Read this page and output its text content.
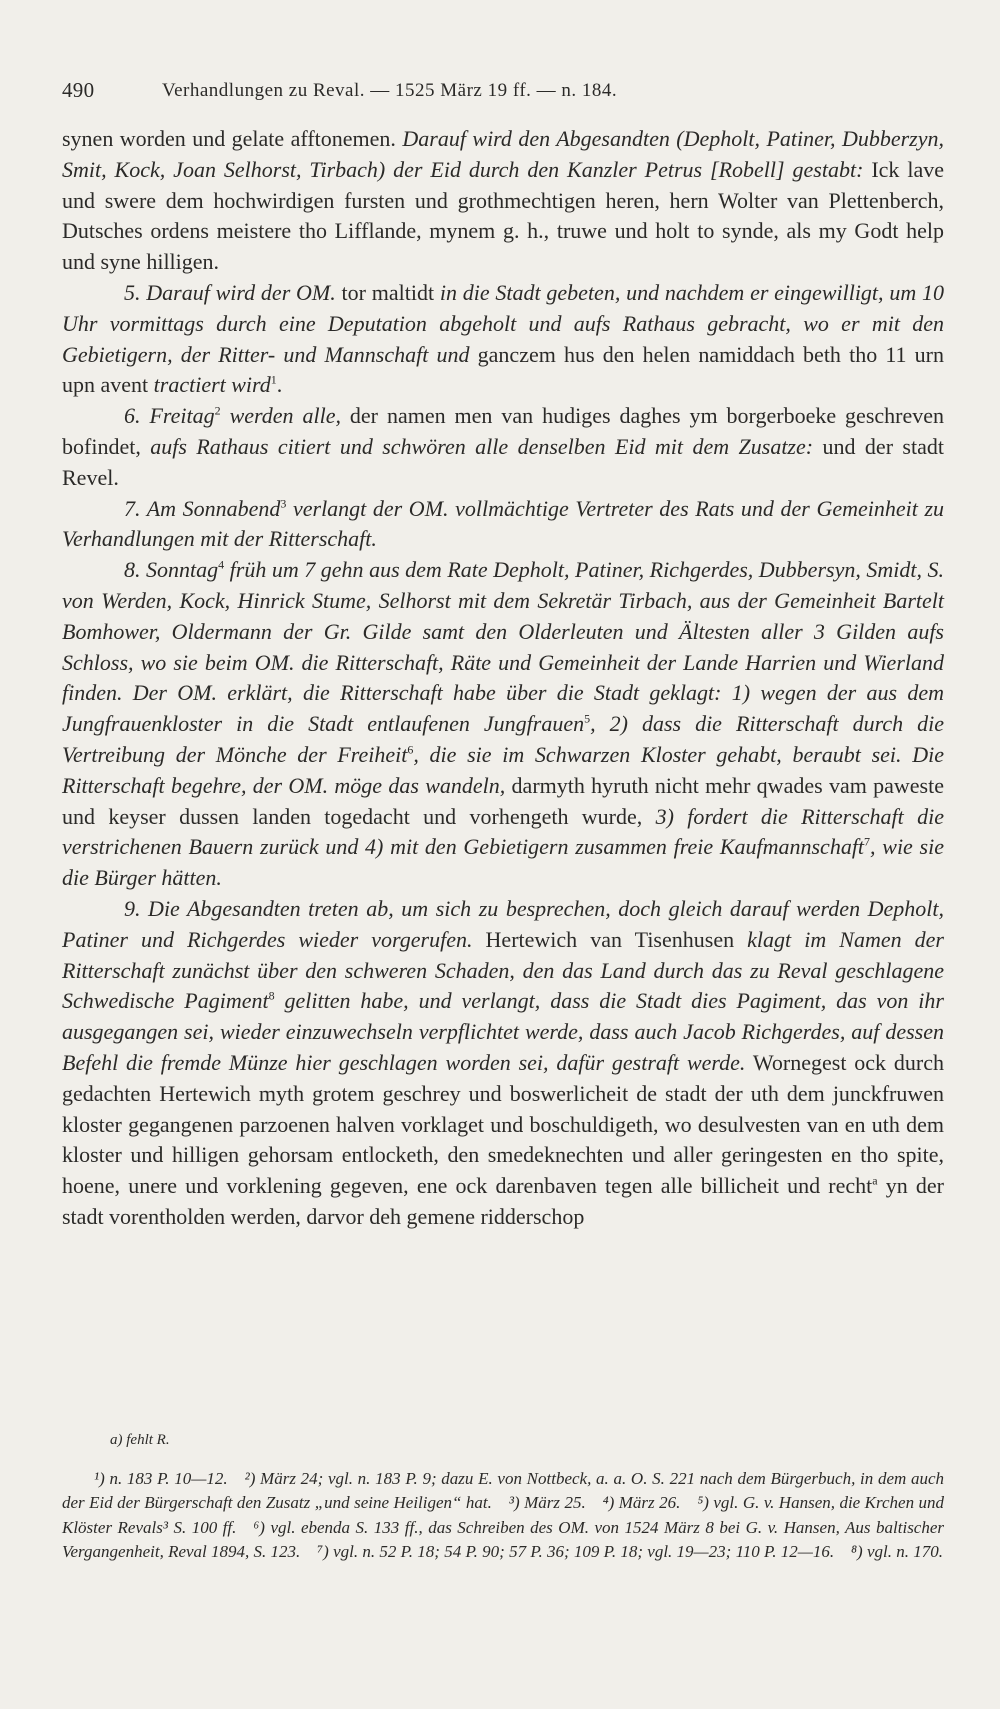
490	Verhandlungen zu Reval. — 1525 März 19 ff. — n. 184.

synen worden und gelate afftonemen. Darauf wird den Abgesandten (Depholt, Patiner, Dubberzyn, Smit, Kock, Joan Selhorst, Tirbach) der Eid durch den Kanzler Petrus [Robell] gestabt: Ick lave und swere dem hochwirdigen fursten und grothmechtigen heren, hern Wolter van Plettenberch, Dutsches ordens meistere tho Lifflande, mynem g. h., truwe und holt to synde, als my Godt help und syne hilligen.

5. Darauf wird der OM. tor maltidt in die Stadt gebeten, und nachdem er eingewilligt, um 10 Uhr vormittags durch eine Deputation abgeholt und aufs Rathaus gebracht, wo er mit den Gebietigern, der Ritter- und Mannschaft und ganczem hus den helen namiddach beth tho 11 urn upn avent tractiert wird$^1$.

6. Freitag$^2$ werden alle, der namen men van hudiges daghes ym borgerboeke geschreven bofindet, aufs Rathaus citiert und schwören alle denselben Eid mit dem Zusatze: und der stadt Revel.

7. Am Sonnabend$^3$ verlangt der OM. vollmächtige Vertreter des Rats und der Gemeinheit zu Verhandlungen mit der Ritterschaft.

8. Sonntag$^4$ früh um 7 gehn aus dem Rate Depholt, Patiner, Richgerdes, Dubbersyn, Smidt, S. von Werden, Kock, Hinrick Stume, Selhorst mit dem Sekretär Tirbach, aus der Gemeinheit Bartelt Bomhower, Oldermann der Gr. Gilde samt den Olderleuten und Ältesten aller 3 Gilden aufs Schloss, wo sie beim OM. die Ritterschaft, Räte und Gemeinheit der Lande Harrien und Wierland finden. Der OM. erklärt, die Ritterschaft habe über die Stadt geklagt: 1) wegen der aus dem Jungfrauenkloster in die Stadt entlaufenen Jungfrauen$^5$, 2) dass die Ritterschaft durch die Vertreibung der Mönche der Freiheit$^6$, die sie im Schwarzen Kloster gehabt, beraubt sei. Die Ritterschaft begehre, der OM. möge das wandeln, darmyth hyruth nicht mehr qwades vam paweste und keyser dussen landen togedacht und vorhengeth wurde, 3) fordert die Ritterschaft die verstrichenen Bauern zurück und 4) mit den Gebietigern zusammen freie Kaufmannschaft$^7$, wie sie die Bürger hätten.

9. Die Abgesandten treten ab, um sich zu besprechen, doch gleich darauf werden Depholt, Patiner und Richgerdes wieder vorgerufen. Hertewich van Tisenhusen klagt im Namen der Ritterschaft zunächst über den schweren Schaden, den das Land durch das zu Reval geschlagene Schwedische Pagiment$^8$ gelitten habe, und verlangt, dass die Stadt dies Pagiment, das von ihr ausgegangen sei, wieder einzuwechseln verpflichtet werde, dass auch Jacob Richgerdes, auf dessen Befehl die fremde Münze hier geschlagen worden sei, dafür gestraft werde. Wornegest ock durch gedachten Hertewich myth grotem geschrey und boswerlicheit de stadt der uth dem junckfruwen kloster gegangenen parzoenen halven vorklaget und boschuldigeth, wo desulvesten van en uth dem kloster und hilligen gehorsam entlocketh, den smedeknechten und aller geringesten en tho spite, hoene, unere und vorklening gegeven, ene ock darenbaven tegen alle billicheit und recht$^a$ yn der stadt vorentholden werden, darvor deh gemene ridderschop

a) fehlt R.

¹) n. 183 P. 10—12.  ²) März 24; vgl. n. 183 P. 9; dazu E. von Nottbeck, a. a. O. S. 221 nach dem Bürgerbuch, in dem auch der Eid der Bürgerschaft den Zusatz „und seine Heiligen“ hat.  ³) März 25.  ⁴) März 26.  ⁵) vgl. G. v. Hansen, die Krchen und Klöster Revals³ S. 100 ff.  ⁶) vgl. ebenda S. 133 ff., das Schreiben des OM. von 1524 März 8 bei G. v. Hansen, Aus baltischer Vergangenheit, Reval 1894, S. 123.  ⁷) vgl. n. 52 P. 18; 54 P. 90; 57 P. 36; 109 P. 18; vgl. 19—23; 110 P. 12—16.  ⁸) vgl. n. 170.
